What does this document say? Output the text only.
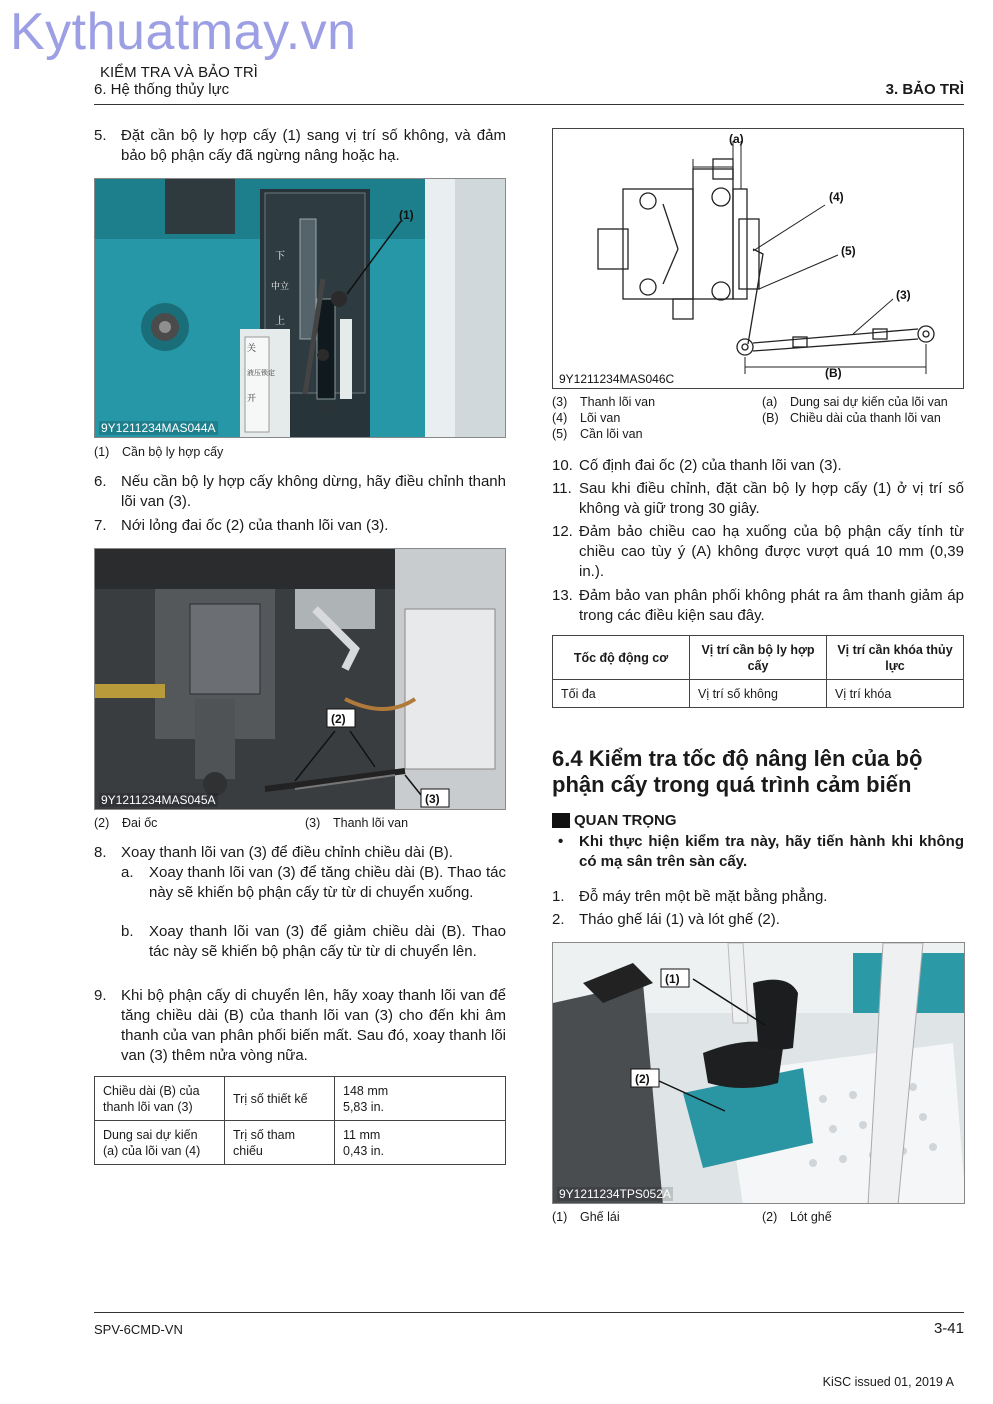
Kythuatmay.vn
KIỂM TRA VÀ BẢO TRÌ
6. Hệ thống thủy lực	3. BẢO TRÌ
5. Đặt cần bộ ly hợp cấy (1) sang vị trí số không, và đảm bảo bộ phận cấy đã ngừng nâng hoặc hạ.
下
中立
上
关
液压锁定
开
软
(1)
9Y1211234MAS044A
(1)	Cần bộ ly hợp cấy
6. Nếu cần bộ ly hợp cấy không dừng, hãy điều chỉnh thanh lõi van (3).
7. Nới lỏng đai ốc (2) của thanh lõi van (3).
(2)
(3)
9Y1211234MAS045A
(2)	Đai ốc	(3)	Thanh lõi van
8. Xoay thanh lõi van (3) để điều chỉnh chiều dài (B).
a.	Xoay thanh lõi van (3) để tăng chiều dài (B). Thao tác này sẽ khiến bộ phận cấy từ từ di chuyển xuống.
b.	Xoay thanh lõi van (3) để giảm chiều dài (B). Thao tác này sẽ khiến bộ phận cấy từ từ di chuyển lên.
9. Khi bộ phận cấy di chuyển lên, hãy xoay thanh lõi van để tăng chiều dài (B) của thanh lõi van (3) cho đến khi âm thanh của van phân phối biến mất. Sau đó, xoay thanh lõi van (3) thêm nửa vòng nữa.
Chiều dài (B) của thanh lõi van (3)	Trị số thiết kế	148 mm
5,83 in.
Dung sai dự kiến (a) của lõi van (4)	Trị số tham chiếu	11 mm
0,43 in.
(a)
(4)
(5)
(3)
(B)
9Y1211234MAS046C
(3)	Thanh lõi van	(a)	Dung sai dự kiến của lõi van
(4)	Lõi van	(B) Chiều dài của thanh lõi van
(5)	Cần lõi van
10. Cố định đai ốc (2) của thanh lõi van (3).
11. Sau khi điều chỉnh, đặt cần bộ ly hợp cấy (1) ở vị trí số không và giữ trong 30 giây.
12. Đảm bảo chiều cao hạ xuống của bộ phận cấy tính từ chiều cao tùy ý (A) không được vượt quá 10 mm (0,39 in.).
13. Đảm bảo van phân phối không phát ra âm thanh giảm áp trong các điều kiện sau đây.
Tốc độ động cơ	Vị trí cần bộ ly hợp cấy	Vị trí cần khóa thủy lực
Tối đa	Vị trí số không	Vị trí khóa
6.4 Kiểm tra tốc độ nâng lên của bộ phận cấy trong quá trình cảm biến
QUAN TRỌNG
•	Khi thực hiện kiểm tra này, hãy tiến hành khi không có mạ sân trên sàn cấy.
1. Đỗ máy trên một bề mặt bằng phẳng.
2. Tháo ghế lái (1) và lót ghế (2).
(1)
(2)
9Y1211234TPS052A
(1)	Ghế lái	(2)	Lót ghế
SPV-6CMD-VN	3-41
KiSC issued 01, 2019 A
